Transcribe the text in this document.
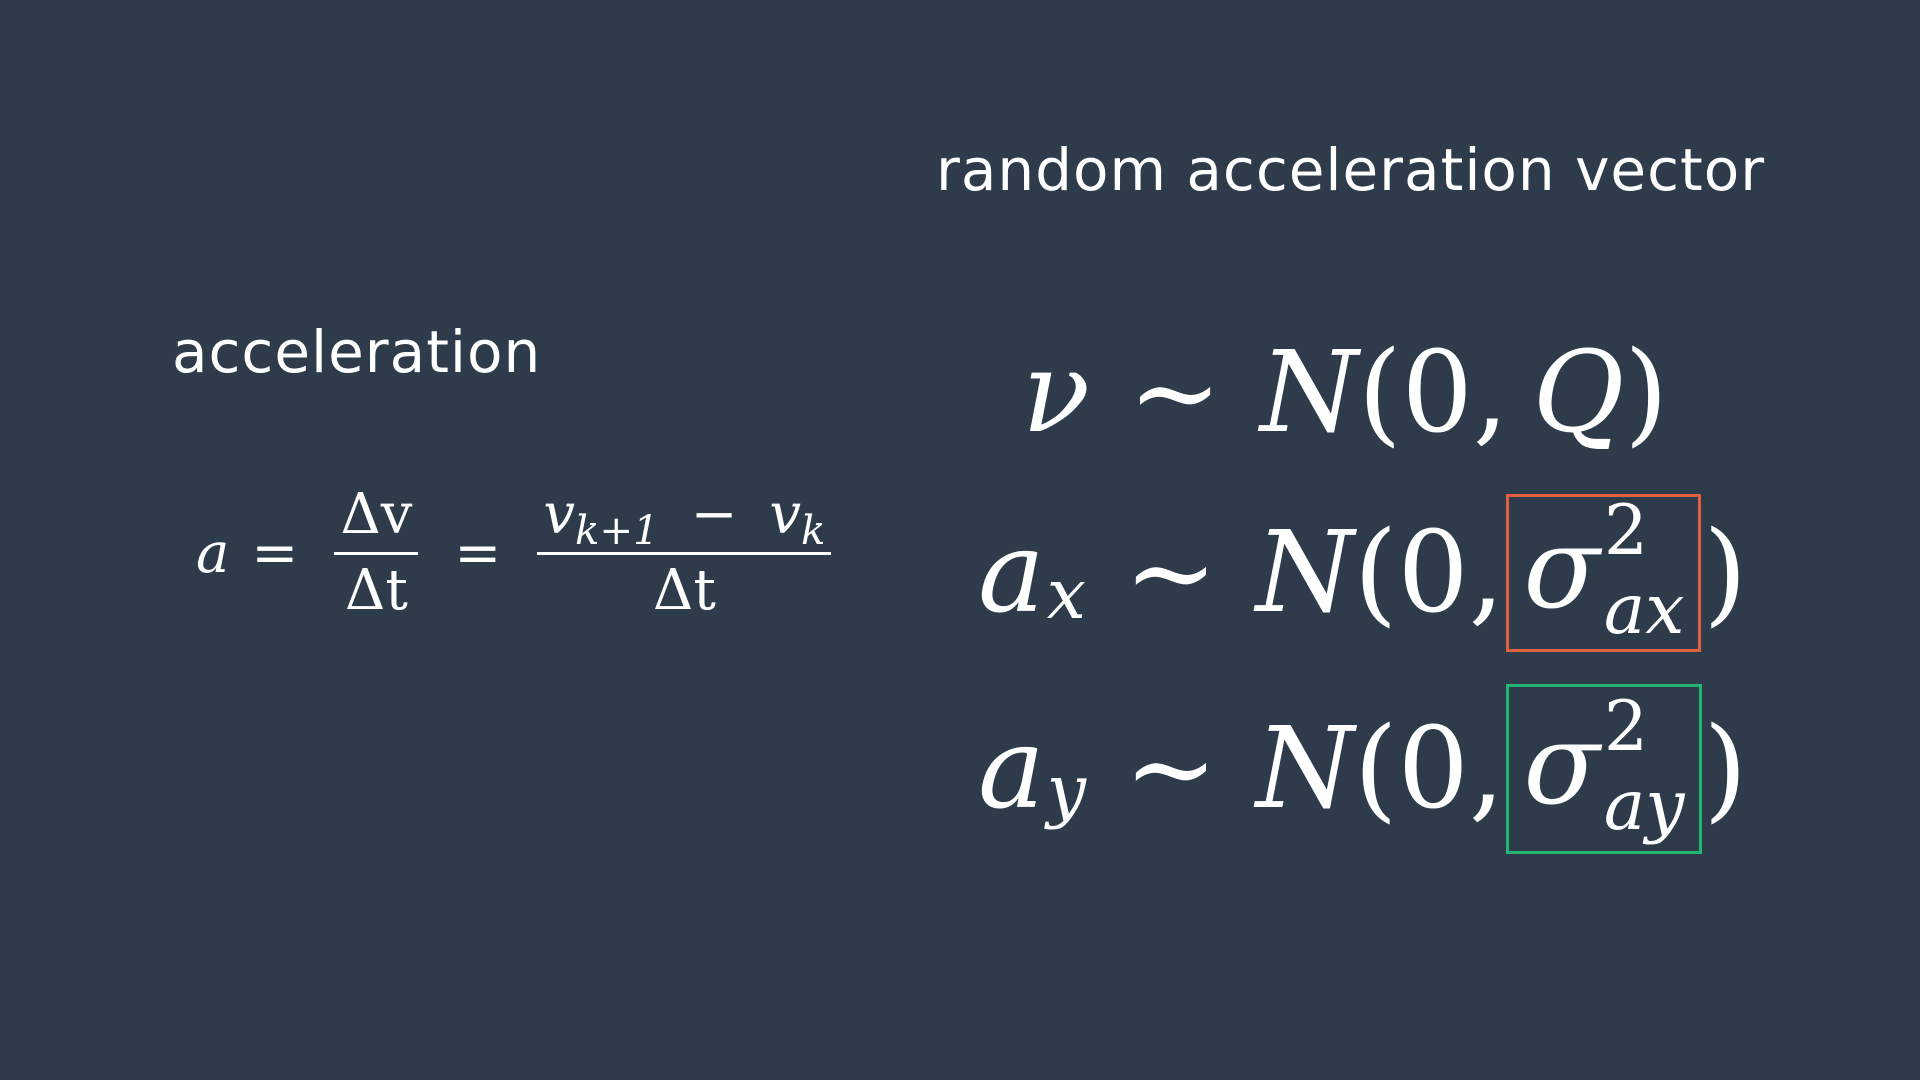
acceleration
random acceleration vector
$a = \frac{\Delta v}{\Delta t} = \frac{v_{k+1} - v_k}{\Delta t}$
ν ∼ N ( 0, Q )
a x ∼ N ( 0, σ 2
ax )
a y ∼ N ( 0, σ 2
ay )
